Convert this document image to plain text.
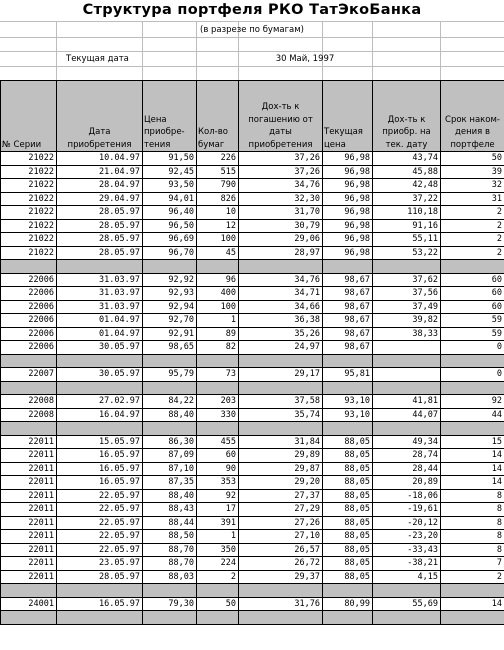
Структура портфеля РКО ТатЭкоБанка
(в разрезе по бумагам)
Текущая дата	30 Май, 1997
№ Серии	Дата приобретения	Цена приобре-тения	Кол-во бумаг	Дох-ть к погашению от даты приобретения	Текущая цена	Дох-ть к приобр. на тек. дату	Срок наком-дения в портфеле
21022	10.04.97	91,50	226	37,26	96,98	43,74	50
21022	21.04.97	92,45	515	37,26	96,98	45,88	39
21022	28.04.97	93,50	790	34,76	96,98	42,48	32
21022	29.04.97	94,01	826	32,30	96,98	37,22	31
21022	28.05.97	96,40	10	31,70	96,98	110,18	2
21022	28.05.97	96,50	12	30,79	96,98	91,16	2
21022	28.05.97	96,69	100	29,06	96,98	55,11	2
21022	28.05.97	96,70	45	28,97	96,98	53,22	2

22006	31.03.97	92,92	96	34,76	98,67	37,62	60
22006	31.03.97	92,93	400	34,71	98,67	37,56	60
22006	31.03.97	92,94	100	34,66	98,67	37,49	60
22006	01.04.97	92,70	1	36,38	98,67	39,82	59
22006	01.04.97	92,91	89	35,26	98,67	38,33	59
22006	30.05.97	98,65	82	24,97	98,67		0

22007	30.05.97	95,79	73	29,17	95,81		0

22008	27.02.97	84,22	203	37,58	93,10	41,81	92
22008	16.04.97	88,40	330	35,74	93,10	44,07	44

22011	15.05.97	86,30	455	31,84	88,05	49,34	15
22011	16.05.97	87,09	60	29,89	88,05	28,74	14
22011	16.05.97	87,10	90	29,87	88,05	28,44	14
22011	16.05.97	87,35	353	29,20	88,05	20,89	14
22011	22.05.97	88,40	92	27,37	88,05	-18,06	8
22011	22.05.97	88,43	17	27,29	88,05	-19,61	8
22011	22.05.97	88,44	391	27,26	88,05	-20,12	8
22011	22.05.97	88,50	1	27,10	88,05	-23,20	8
22011	22.05.97	88,70	350	26,57	88,05	-33,43	8
22011	23.05.97	88,70	224	26,72	88,05	-38,21	7
22011	28.05.97	88,03	2	29,37	88,05	4,15	2

24001	16.05.97	79,30	50	31,76	80,99	55,69	14
